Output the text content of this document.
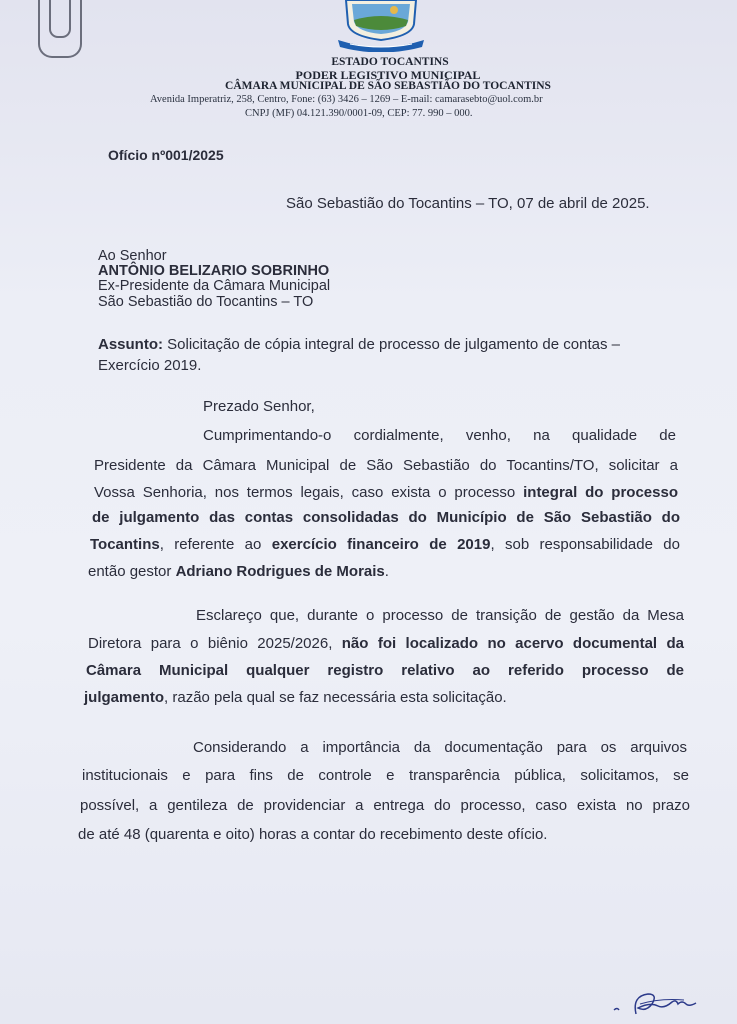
ESTADO TOCANTINS
PODER LEGISTIVO MUNICIPAL
CÂMARA MUNICIPAL DE SÃO SEBASTIÃO DO TOCANTINS
Avenida Imperatriz, 258, Centro, Fone: (63) 3426 – 1269 – E-mail: camarasebto@uol.com.br
CNPJ (MF) 04.121.390/0001-09, CEP: 77. 990 – 000.
Ofício nº001/2025
São Sebastião do Tocantins – TO, 07 de abril de 2025.
Ao Senhor
ANTÔNIO BELIZARIO SOBRINHO
Ex-Presidente da Câmara Municipal
São Sebastião do Tocantins – TO
Assunto: Solicitação de cópia integral de processo de julgamento de contas –
Exercício 2019.
Prezado Senhor,
Cumprimentando-o cordialmente, venho, na qualidade de
Presidente da Câmara Municipal de São Sebastião do Tocantins/TO, solicitar a
Vossa Senhoria, nos termos legais, caso exista o processo integral do processo
de julgamento das contas consolidadas do Município de São Sebastião do
Tocantins, referente ao exercício financeiro de 2019, sob responsabilidade do
então gestor Adriano Rodrigues de Morais.
Esclareço que, durante o processo de transição de gestão da Mesa
Diretora para o biênio 2025/2026, não foi localizado no acervo documental da
Câmara Municipal qualquer registro relativo ao referido processo de
julgamento, razão pela qual se faz necessária esta solicitação.
Considerando a importância da documentação para os arquivos
institucionais e para fins de controle e transparência pública, solicitamos, se
possível, a gentileza de providenciar a entrega do processo, caso exista no prazo
de até 48 (quarenta e oito) horas a contar do recebimento deste ofício.
